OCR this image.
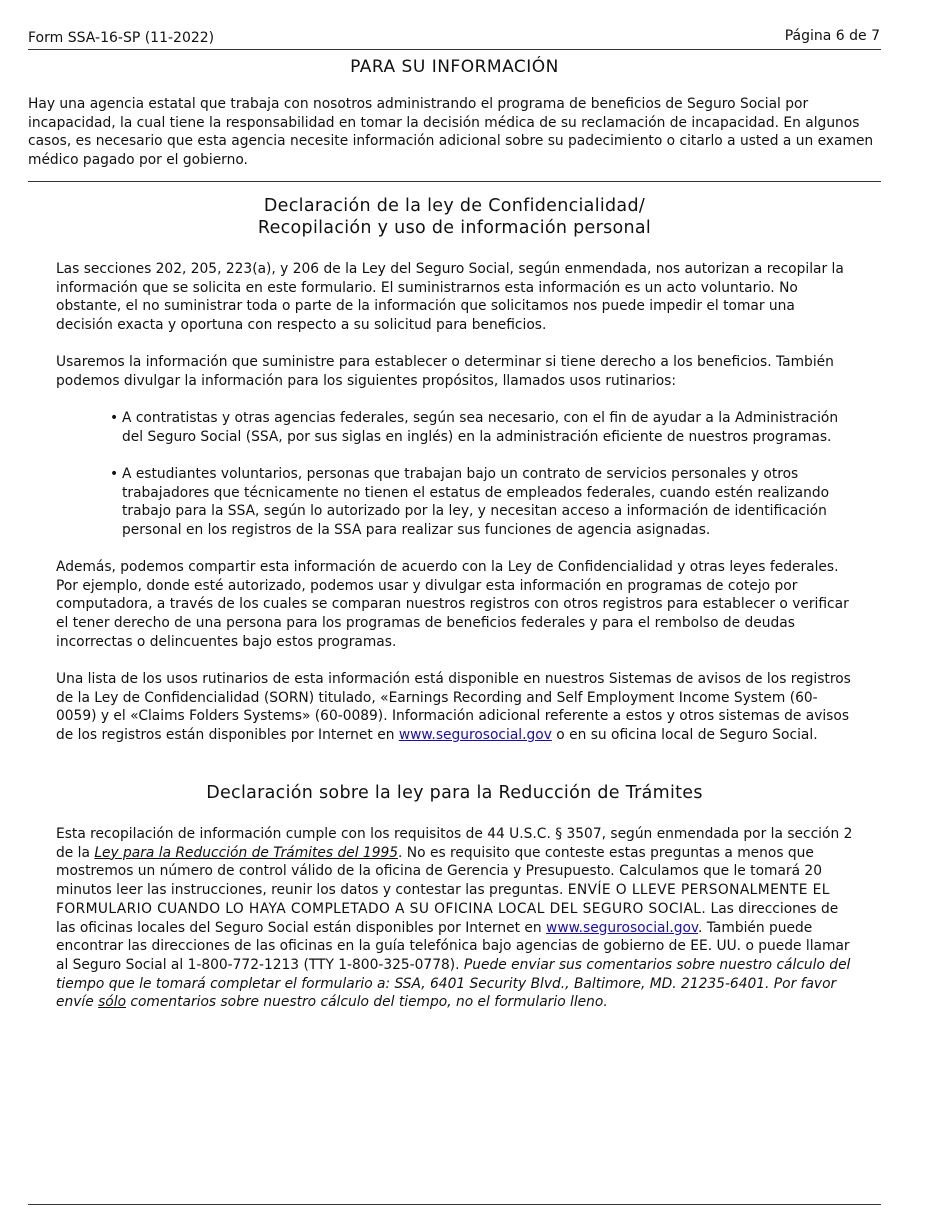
Form SSA-16-SP (11-2022)	Página 6 de 7
PARA SU INFORMACIÓN

Hay una agencia estatal que trabaja con nosotros administrando el programa de beneficios de Seguro Social por incapacidad, la cual tiene la responsabilidad en tomar la decisión médica de su reclamación de incapacidad. En algunos casos, es necesario que esta agencia necesite información adicional sobre su padecimiento o citarlo a usted a un examen médico pagado por el gobierno.

Declaración de la ley de Confidencialidad/
Recopilación y uso de información personal

Las secciones 202, 205, 223(a), y 206 de la Ley del Seguro Social, según enmendada, nos autorizan a recopilar la información que se solicita en este formulario. El suministrarnos esta información es un acto voluntario. No obstante, el no suministrar toda o parte de la información que solicitamos nos puede impedir el tomar una decisión exacta y oportuna con respecto a su solicitud para beneficios.

Usaremos la información que suministre para establecer o determinar si tiene derecho a los beneficios. También podemos divulgar la información para los siguientes propósitos, llamados usos rutinarios:

• A contratistas y otras agencias federales, según sea necesario, con el fin de ayudar a la Administración del Seguro Social (SSA, por sus siglas en inglés) en la administración eficiente de nuestros programas.
• A estudiantes voluntarios, personas que trabajan bajo un contrato de servicios personales y otros trabajadores que técnicamente no tienen el estatus de empleados federales, cuando estén realizando trabajo para la SSA, según lo autorizado por la ley, y necesitan acceso a información de identificación personal en los registros de la SSA para realizar sus funciones de agencia asignadas.

Además, podemos compartir esta información de acuerdo con la Ley de Confidencialidad y otras leyes federales. Por ejemplo, donde esté autorizado, podemos usar y divulgar esta información en programas de cotejo por computadora, a través de los cuales se comparan nuestros registros con otros registros para establecer o verificar el tener derecho de una persona para los programas de beneficios federales y para el rembolso de deudas incorrectas o delincuentes bajo estos programas.

Una lista de los usos rutinarios de esta información está disponible en nuestros Sistemas de avisos de los registros de la Ley de Confidencialidad (SORN) titulado, «Earnings Recording and Self Employment Income System (60-0059) y el «Claims Folders Systems» (60-0089). Información adicional referente a estos y otros sistemas de avisos de los registros están disponibles por Internet en www.segurosocial.gov o en su oficina local de Seguro Social.

Declaración sobre la ley para la Reducción de Trámites

Esta recopilación de información cumple con los requisitos de 44 U.S.C. § 3507, según enmendada por la sección 2 de la Ley para la Reducción de Trámites del 1995. No es requisito que conteste estas preguntas a menos que mostremos un número de control válido de la oficina de Gerencia y Presupuesto. Calculamos que le tomará 20 minutos leer las instrucciones, reunir los datos y contestar las preguntas. ENVÍE O LLEVE PERSONALMENTE EL FORMULARIO CUANDO LO HAYA COMPLETADO A SU OFICINA LOCAL DEL SEGURO SOCIAL. Las direcciones de las oficinas locales del Seguro Social están disponibles por Internet en www.segurosocial.gov. También puede encontrar las direcciones de las oficinas en la guía telefónica bajo agencias de gobierno de EE. UU. o puede llamar al Seguro Social al 1-800-772-1213 (TTY 1-800-325-0778). Puede enviar sus comentarios sobre nuestro cálculo del tiempo que le tomará completar el formulario a: SSA, 6401 Security Blvd., Baltimore, MD. 21235-6401. Por favor envíe sólo comentarios sobre nuestro cálculo del tiempo, no el formulario lleno.
